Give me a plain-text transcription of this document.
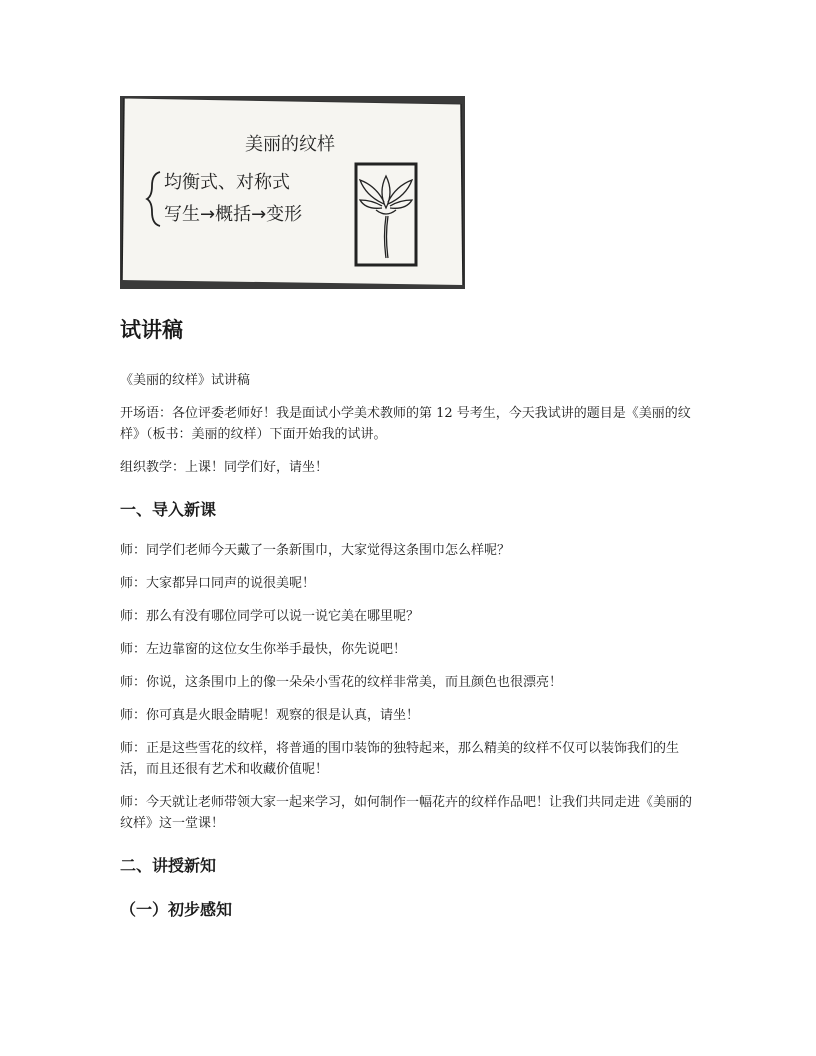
美丽的纹样
均衡式、对称式
写生→概括→变形
试讲稿

《美丽的纹样》试讲稿

开场语：各位评委老师好！我是面试小学美术教师的第 12 号考生，今天我试讲的题目是《美丽的纹样》（板书：美丽的纹样）下面开始我的试讲。

组织教学：上课！同学们好，请坐！

一、导入新课

师：同学们老师今天戴了一条新围巾，大家觉得这条围巾怎么样呢？

师：大家都异口同声的说很美呢！

师：那么有没有哪位同学可以说一说它美在哪里呢？

师：左边靠窗的这位女生你举手最快，你先说吧！

师：你说，这条围巾上的像一朵朵小雪花的纹样非常美，而且颜色也很漂亮！

师：你可真是火眼金睛呢！观察的很是认真，请坐！

师：正是这些雪花的纹样，将普通的围巾装饰的独特起来，那么精美的纹样不仅可以装饰我们的生活，而且还很有艺术和收藏价值呢！

师：今天就让老师带领大家一起来学习，如何制作一幅花卉的纹样作品吧！让我们共同走进《美丽的纹样》这一堂课！

二、讲授新知
（一）初步感知
